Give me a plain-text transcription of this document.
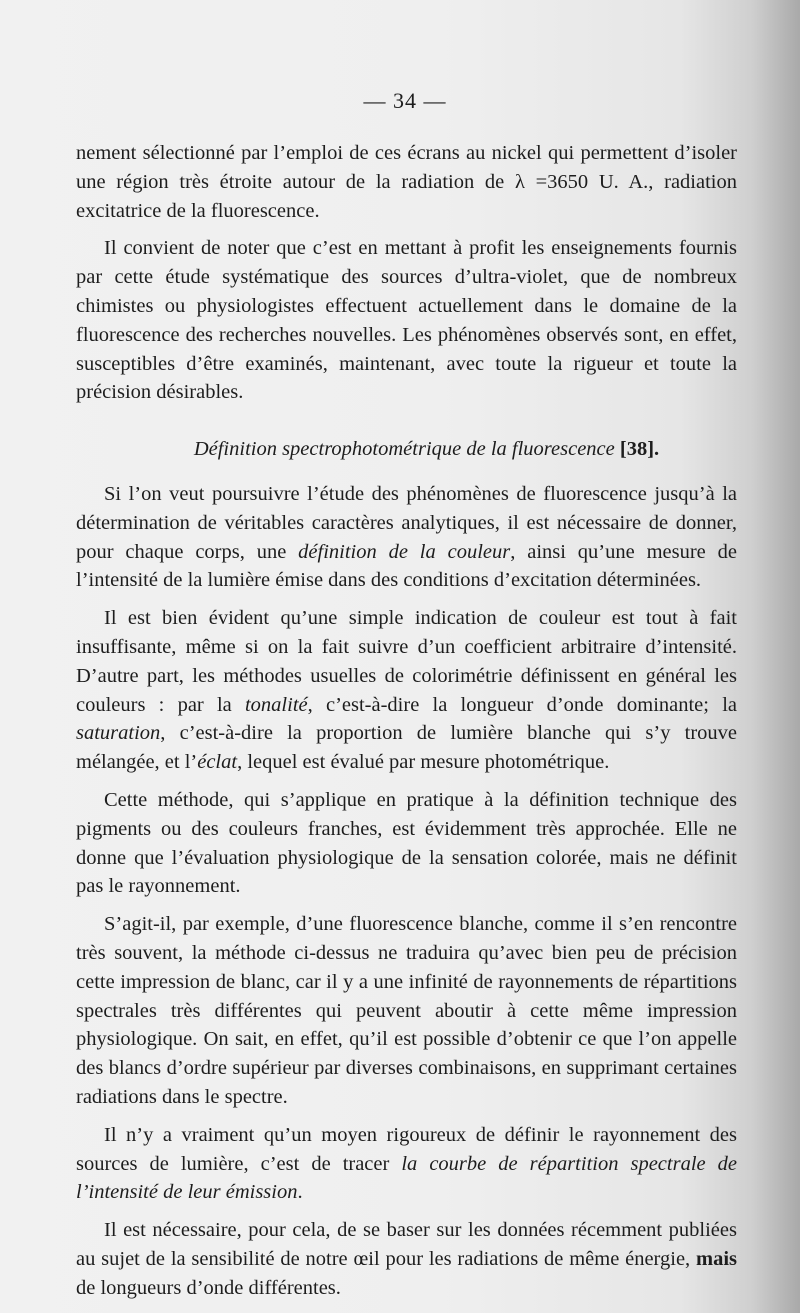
— 34 —

nement sélectionné par l’emploi de ces écrans au nickel qui permettent d’isoler une région très étroite autour de la radiation de λ =3650 U. A., radiation excitatrice de la fluorescence.

Il convient de noter que c’est en mettant à profit les enseignements fournis par cette étude systématique des sources d’ultra-violet, que de nombreux chimistes ou physiologistes effectuent actuellement dans le domaine de la fluorescence des recherches nouvelles. Les phénomènes observés sont, en effet, susceptibles d’être examinés, maintenant, avec toute la rigueur et toute la précision désirables.

Définition spectrophotométrique de la fluorescence [38].

Si l’on veut poursuivre l’étude des phénomènes de fluorescence jusqu’à la détermination de véritables caractères analytiques, il est nécessaire de donner, pour chaque corps, une définition de la couleur, ainsi qu’une mesure de l’intensité de la lumière émise dans des conditions d’excitation déterminées.

Il est bien évident qu’une simple indication de couleur est tout à fait insuffisante, même si on la fait suivre d’un coefficient arbitraire d’intensité. D’autre part, les méthodes usuelles de colorimétrie définissent en général les couleurs : par la tonalité, c’est-à-dire la longueur d’onde dominante; la saturation, c’est-à-dire la proportion de lumière blanche qui s’y trouve mélangée, et l’éclat, lequel est évalué par mesure photométrique.

Cette méthode, qui s’applique en pratique à la définition technique des pigments ou des couleurs franches, est évidemment très approchée. Elle ne donne que l’évaluation physiologique de la sensation colorée, mais ne définit pas le rayonnement.

S’agit-il, par exemple, d’une fluorescence blanche, comme il s’en rencontre très souvent, la méthode ci-dessus ne traduira qu’avec bien peu de précision cette impression de blanc, car il y a une infinité de rayonnements de répartitions spectrales très différentes qui peuvent aboutir à cette même impression physiologique. On sait, en effet, qu’il est possible d’obtenir ce que l’on appelle des blancs d’ordre supérieur par diverses combinaisons, en supprimant certaines radiations dans le spectre.

Il n’y a vraiment qu’un moyen rigoureux de définir le rayonnement des sources de lumière, c’est de tracer la courbe de répartition spectrale de l’intensité de leur émission.

Il est nécessaire, pour cela, de se baser sur les données récemment publiées au sujet de la sensibilité de notre œil pour les radiations de même énergie, mais de longueurs d’onde différentes.
